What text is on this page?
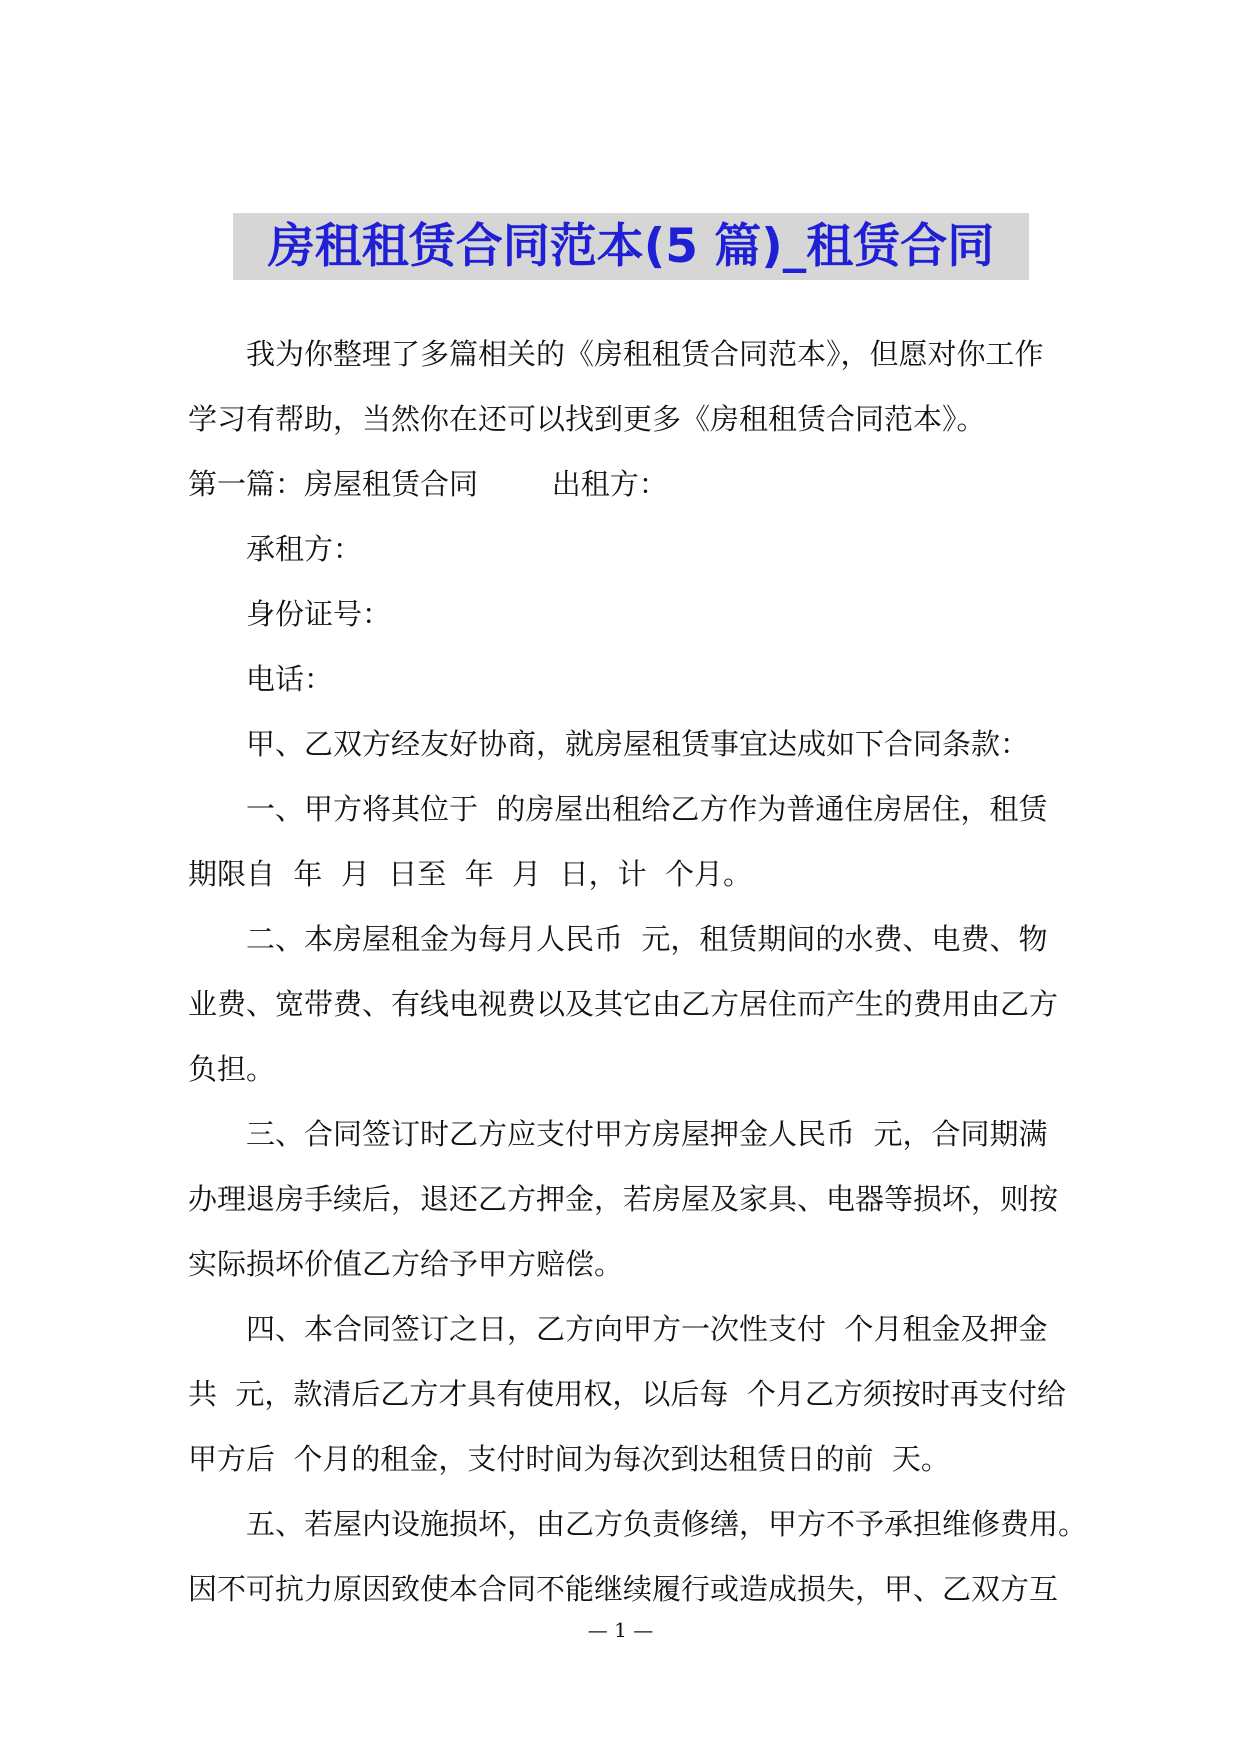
房租租赁合同范本(5 篇)_租赁合同
我为你整理了多篇相关的《房租租赁合同范本》，但愿对你工作
学习有帮助，当然你在还可以找到更多《房租租赁合同范本》。
第一篇：房屋租赁合同        出租方：
承租方：
身份证号：
电话：
甲、乙双方经友好协商，就房屋租赁事宜达成如下合同条款：
一、甲方将其位于  的房屋出租给乙方作为普通住房居住，租赁
期限自  年  月  日至  年  月  日，计  个月。
二、本房屋租金为每月人民币  元，租赁期间的水费、电费、物
业费、宽带费、有线电视费以及其它由乙方居住而产生的费用由乙方
负担。
三、合同签订时乙方应支付甲方房屋押金人民币  元，合同期满
办理退房手续后，退还乙方押金，若房屋及家具、电器等损坏，则按
实际损坏价值乙方给予甲方赔偿。
四、本合同签订之日，乙方向甲方一次性支付  个月租金及押金
共  元，款清后乙方才具有使用权，以后每  个月乙方须按时再支付给
甲方后  个月的租金，支付时间为每次到达租赁日的前  天。
五、若屋内设施损坏，由乙方负责修缮，甲方不予承担维修费用。
因不可抗力原因致使本合同不能继续履行或造成损失，甲、乙双方互
— 1 —
